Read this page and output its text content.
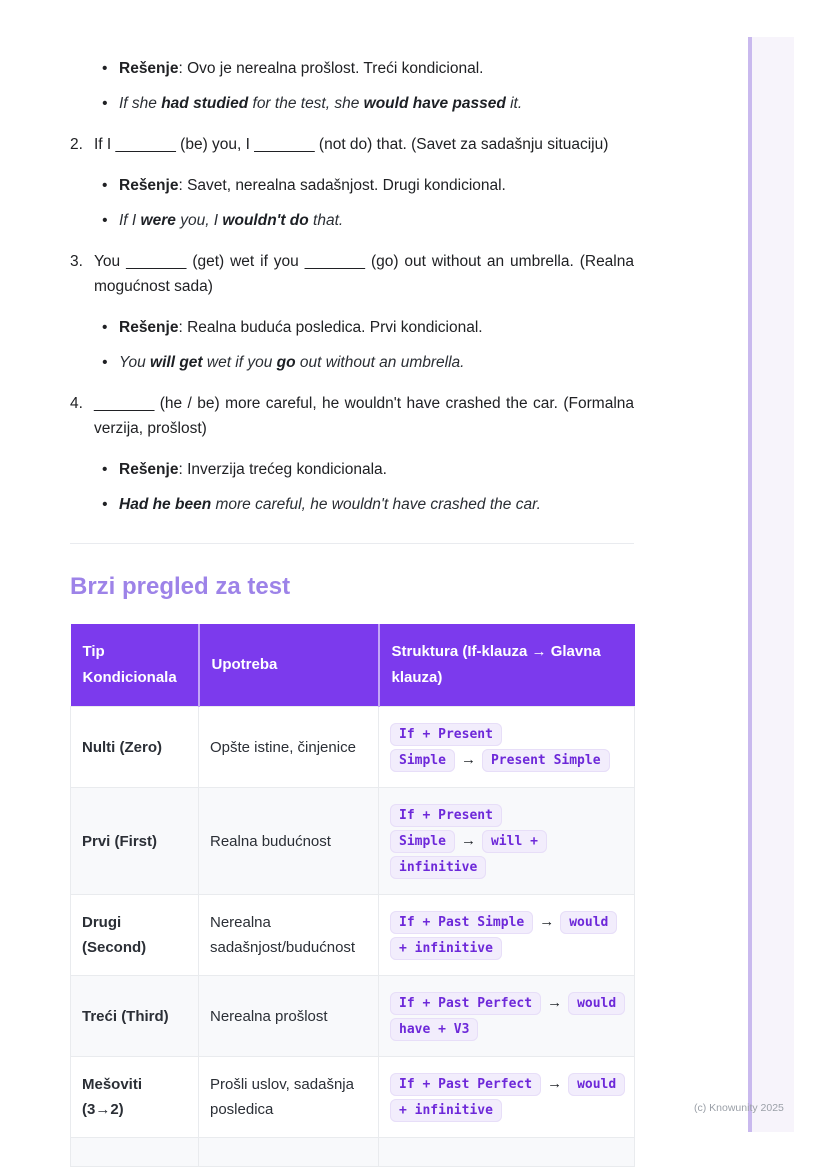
• Rešenje: Ovo je nerealna prošlost. Treći kondicional.
• If she had studied for the test, she would have passed it.
2. If I _______ (be) you, I _______ (not do) that. (Savet za sadašnju situaciju)
• Rešenje: Savet, nerealna sadašnjost. Drugi kondicional.
• If I were you, I wouldn't do that.
3. You _______ (get) wet if you _______ (go) out without an umbrella. (Realna mogućnost sada)
• Rešenje: Realna buduća posledica. Prvi kondicional.
• You will get wet if you go out without an umbrella.
4. _______ (he / be) more careful, he wouldn't have crashed the car. (Formalna verzija, prošlost)
• Rešenje: Inverzija trećeg kondicionala.
• Had he been more careful, he wouldn't have crashed the car.
Brzi pregled za test
Tip Kondicionala	Upotreba	Struktura (If-klauza → Glavna klauza)
Nulti (Zero)	Opšte istine, činjenice	If + Present Simple → Present Simple
Prvi (First)	Realna budućnost	If + Present Simple → will + infinitive
Drugi (Second)	Nerealna sadašnjost/budućnost	If + Past Simple → would + infinitive
Treći (Third)	Nerealna prošlost	If + Past Perfect → would have + V3
Mešoviti (3→2)	Prošli uslov, sadašnja posledica	If + Past Perfect → would + infinitive
			(c) Knowunity 2025
